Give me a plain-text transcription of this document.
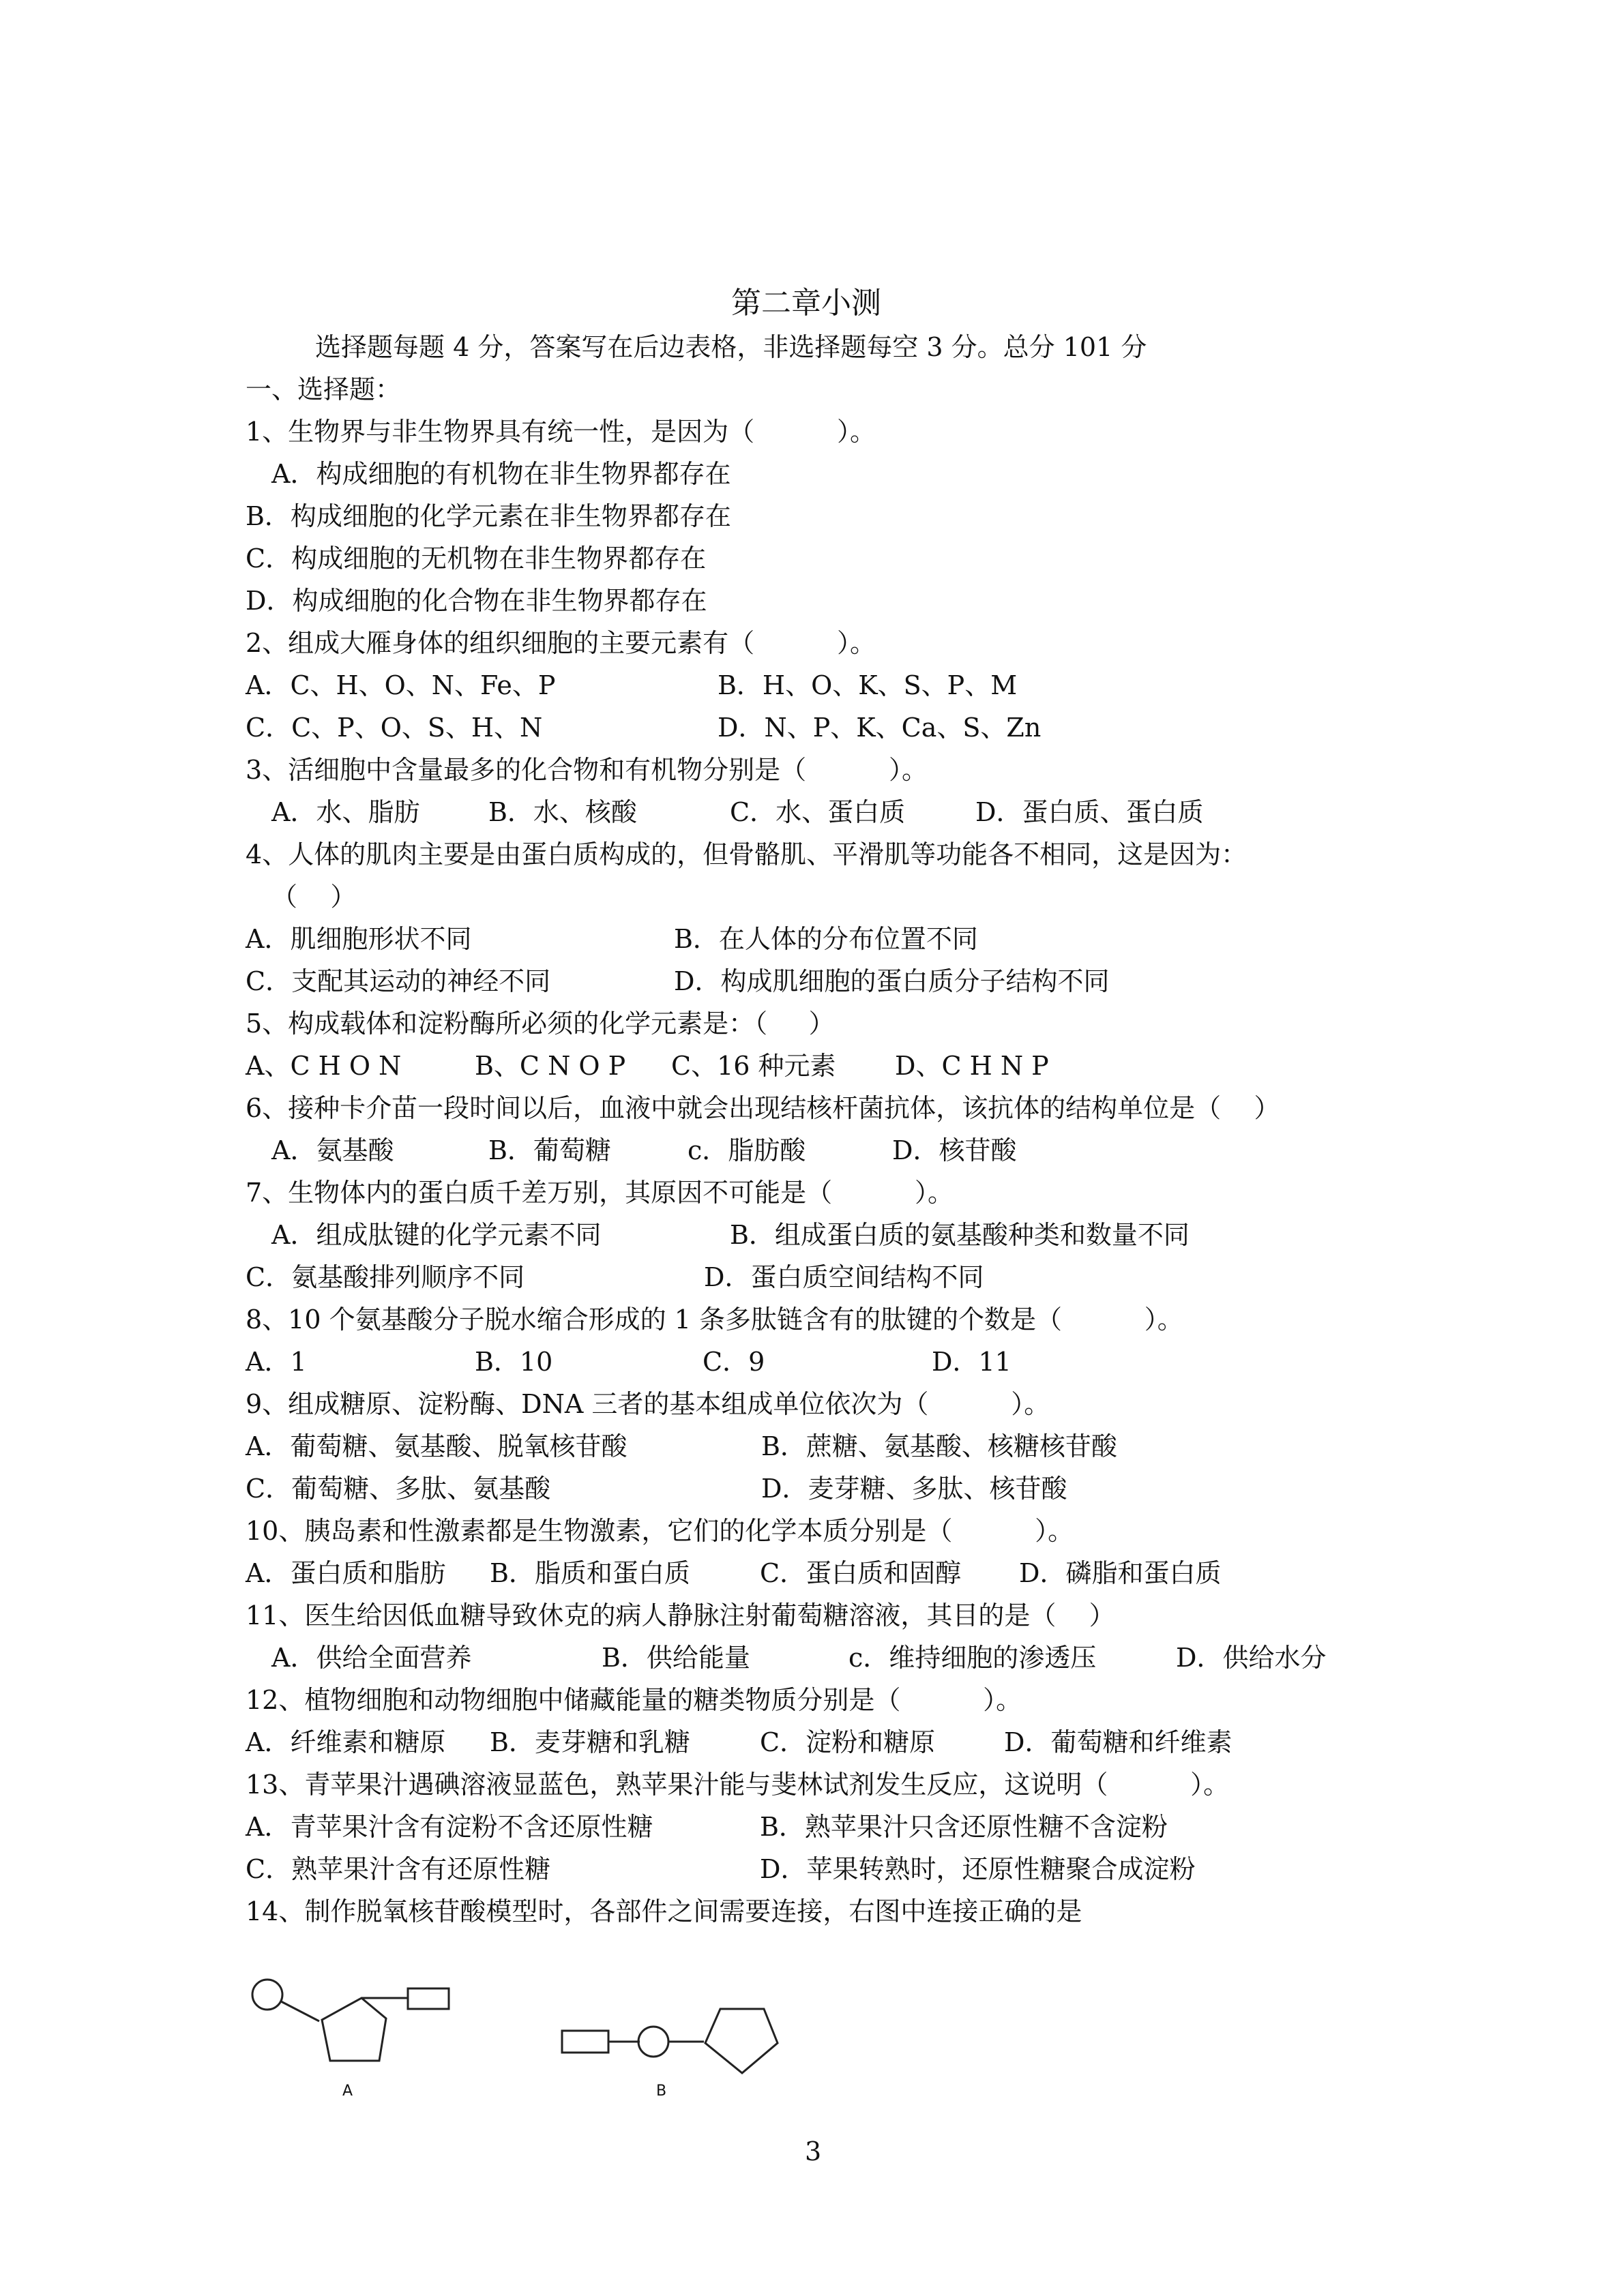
第二章小测
选择题每题 4 分，答案写在后边表格，非选择题每空 3 分。总分 101 分
一、选择题：
1、生物界与非生物界具有统一性，是因为（          ）。
A．构成细胞的有机物在非生物界都存在
B．构成细胞的化学元素在非生物界都存在
C．构成细胞的无机物在非生物界都存在
D．构成细胞的化合物在非生物界都存在
2、组成大雁身体的组织细胞的主要元素有（          ）。
A．C、H、O、N、Fe、P	B．H、O、K、S、P、M
C．C、P、O、S、H、N	D．N、P、K、Ca、S、Zn
3、活细胞中含量最多的化合物和有机物分别是（          ）。
A．水、脂肪	B．水、核酸	C．水、蛋白质	D．蛋白质、蛋白质
4、人体的肌肉主要是由蛋白质构成的，但骨骼肌、平滑肌等功能各不相同，这是因为：
（    ）
A．肌细胞形状不同	B．在人体的分布位置不同
C．支配其运动的神经不同	D．构成肌细胞的蛋白质分子结构不同
5、构成载体和淀粉酶所必须的化学元素是：（     ）
A、C H O N	B、C N O P C、16 种元素 D、C H N P
6、接种卡介苗一段时间以后，血液中就会出现结核杆菌抗体，该抗体的结构单位是（    ）
A．氨基酸	B．葡萄糖	c．脂肪酸	D．核苷酸
7、生物体内的蛋白质千差万别，其原因不可能是（          ）。
A．组成肽键的化学元素不同	B．组成蛋白质的氨基酸种类和数量不同
C．氨基酸排列顺序不同	D．蛋白质空间结构不同
8、10 个氨基酸分子脱水缩合形成的 1 条多肽链含有的肽键的个数是（          ）。
A．1	B．10	C．9	D．11
9、组成糖原、淀粉酶、DNA 三者的基本组成单位依次为（          ）。
A．葡萄糖、氨基酸、脱氧核苷酸	B．蔗糖、氨基酸、核糖核苷酸
C．葡萄糖、多肽、氨基酸	D．麦芽糖、多肽、核苷酸
10、胰岛素和性激素都是生物激素，它们的化学本质分别是（          ）。
A．蛋白质和脂肪 B．脂质和蛋白质	C．蛋白质和固醇 D．磷脂和蛋白质
11、医生给因低血糖导致休克的病人静脉注射葡萄糖溶液，其目的是（    ）
A．供给全面营养	B．供给能量	c．维持细胞的渗透压	D．供给水分
12、植物细胞和动物细胞中储藏能量的糖类物质分别是（          ）。
A．纤维素和糖原 B．麦芽糖和乳糖	C．淀粉和糖原	D．葡萄糖和纤维素
13、青苹果汁遇碘溶液显蓝色，熟苹果汁能与斐林试剂发生反应，这说明（          ）。
A．青苹果汁含有淀粉不含还原性糖	B．熟苹果汁只含还原性糖不含淀粉
C．熟苹果汁含有还原性糖	D．苹果转熟时，还原性糖聚合成淀粉
14、制作脱氧核苷酸模型时，各部件之间需要连接，右图中连接正确的是
A	B
3
